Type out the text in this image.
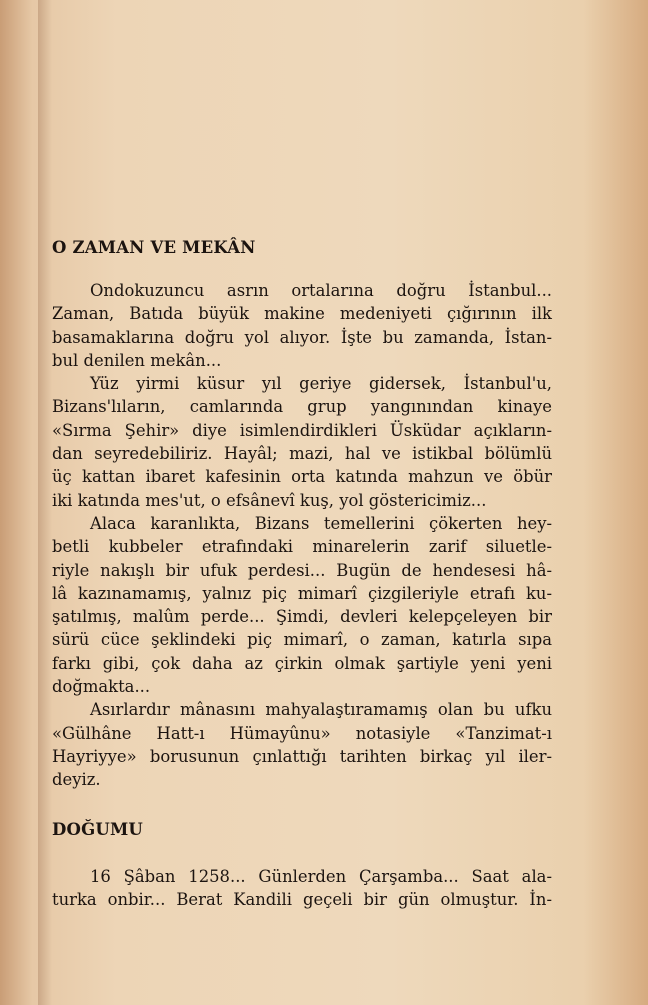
O ZAMAN VE MEKÂN
Ondokuzuncu asrın ortalarına doğru İstanbul...
Zaman, Batıda büyük makine medeniyeti çığırının ilk
basamaklarına doğru yol alıyor. İşte bu zamanda, İstan-
bul denilen mekân...
Yüz yirmi küsur yıl geriye gidersek, İstanbul'u,
Bizans'lıların, camlarında grup yangınından kinaye
«Sırma Şehir» diye isimlendirdikleri Üsküdar açıkların-
dan seyredebiliriz. Hayâl; mazi, hal ve istikbal bölümlü
üç kattan ibaret kafesinin orta katında mahzun ve öbür
iki katında mes'ut, o efsânevî kuş, yol göstericimiz...
Alaca karanlıkta, Bizans temellerini çökerten hey-
betli kubbeler etrafındaki minarelerin zarif siluetle-
riyle nakışlı bir ufuk perdesi... Bugün de hendesesi hâ-
lâ kazınamamış, yalnız piç mimarî çizgileriyle etrafı ku-
şatılmış, malûm perde... Şimdi, devleri kelepçeleyen bir
sürü cüce şeklindeki piç mimarî, o zaman, katırla sıpa
farkı gibi, çok daha az çirkin olmak şartiyle yeni yeni
doğmakta...
Asırlardır mânasını mahyalaştıramamış olan bu ufku
«Gülhâne Hatt-ı Hümayûnu» notasiyle «Tanzimat-ı
Hayriyye» borusunun çınlattığı tarihten birkaç yıl iler-
deyiz.
DOĞUMU
16 Şâban 1258... Günlerden Çarşamba... Saat ala-
turka onbir... Berat Kandili geçeli bir gün olmuştur. İn-
